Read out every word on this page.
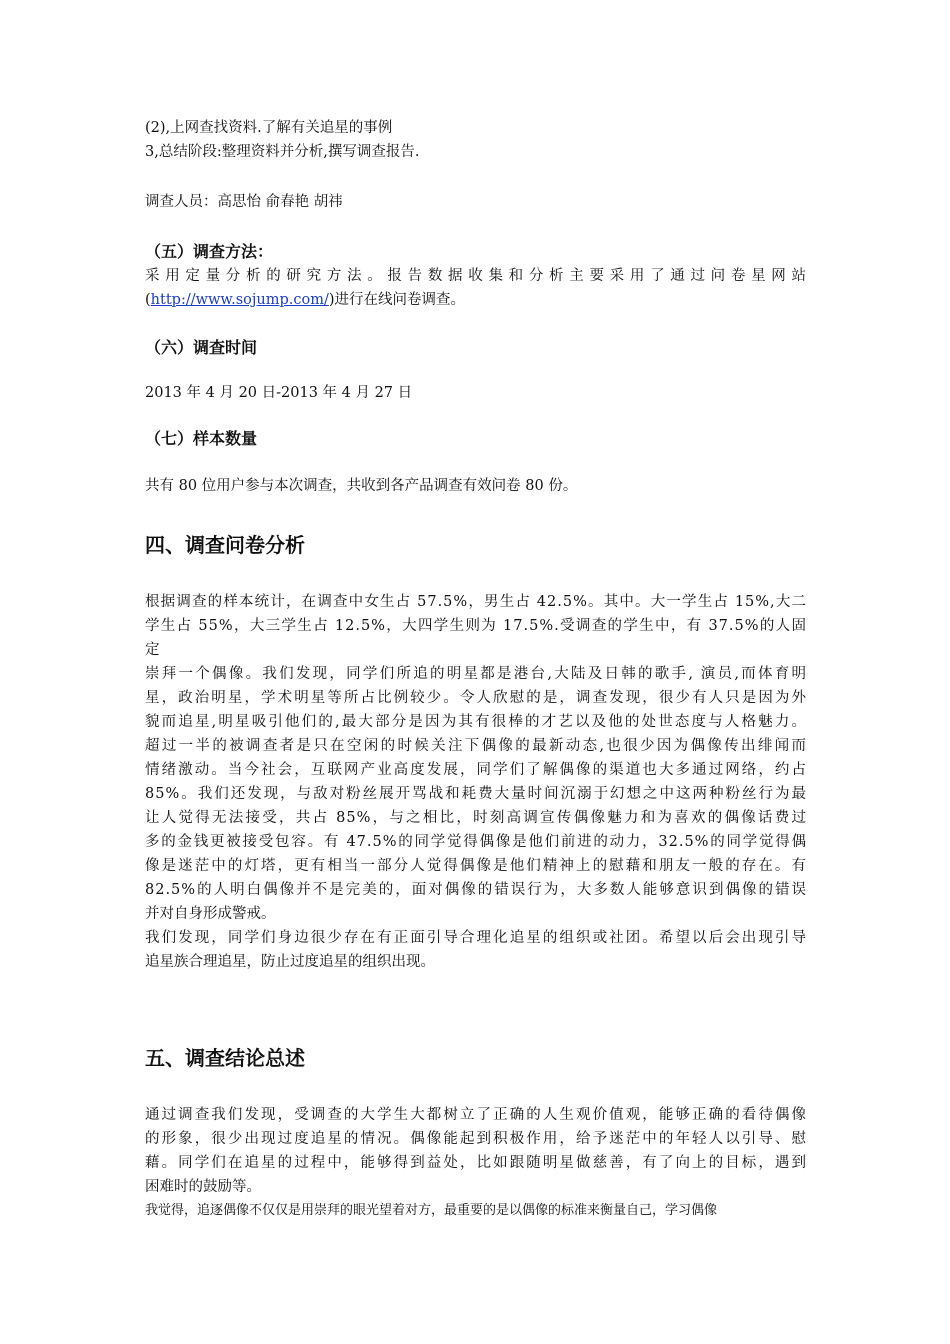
(2),上网查找资料.了解有关追星的事例

3,总结阶段:整理资料并分析,撰写调查报告.

调查人员：高思怡 俞春艳 胡祎

（五）调查方法：

采用定量分析的研究方法。报告数据收集和分析主要采用了通过问卷星网站

(http://www.sojump.com/)进行在线问卷调查。

（六）调查时间

2013 年 4 月 20 日-2013 年 4 月 27 日

（七）样本数量

共有 80 位用户参与本次调查，共收到各产品调查有效问卷 80 份。

四、调查问卷分析

根据调查的样本统计，在调查中女生占 57.5%，男生占 42.5%。其中。大一学生占 15%,大二
学生占 55%，大三学生占 12.5%，大四学生则为 17.5%.受调查的学生中，有 37.5%的人固定
崇拜一个偶像。我们发现，同学们所追的明星都是港台,大陆及日韩的歌手, 演员,而体育明
星，政治明星，学术明星等所占比例较少。令人欣慰的是，调查发现，很少有人只是因为外
貌而追星,明星吸引他们的,最大部分是因为其有很棒的才艺以及他的处世态度与人格魅力。
超过一半的被调查者是只在空闲的时候关注下偶像的最新动态,也很少因为偶像传出绯闻而
情绪激动。当今社会，互联网产业高度发展，同学们了解偶像的渠道也大多通过网络，约占
85%。我们还发现，与敌对粉丝展开骂战和耗费大量时间沉溺于幻想之中这两种粉丝行为最
让人觉得无法接受，共占 85%，与之相比，时刻高调宣传偶像魅力和为喜欢的偶像话费过
多的金钱更被接受包容。有 47.5%的同学觉得偶像是他们前进的动力，32.5%的同学觉得偶
像是迷茫中的灯塔，更有相当一部分人觉得偶像是他们精神上的慰藉和朋友一般的存在。有
82.5%的人明白偶像并不是完美的，面对偶像的错误行为，大多数人能够意识到偶像的错误
并对自身形成警戒。
我们发现，同学们身边很少存在有正面引导合理化追星的组织或社团。希望以后会出现引导
追星族合理追星，防止过度追星的组织出现。

五、调查结论总述

通过调查我们发现，受调查的大学生大都树立了正确的人生观价值观，能够正确的看待偶像
的形象，很少出现过度追星的情况。偶像能起到积极作用，给予迷茫中的年轻人以引导、慰
藉。同学们在追星的过程中，能够得到益处，比如跟随明星做慈善，有了向上的目标，遇到
困难时的鼓励等。

我觉得，追逐偶像不仅仅是用崇拜的眼光望着对方，最重要的是以偶像的标准来衡量自己，学习偶像
